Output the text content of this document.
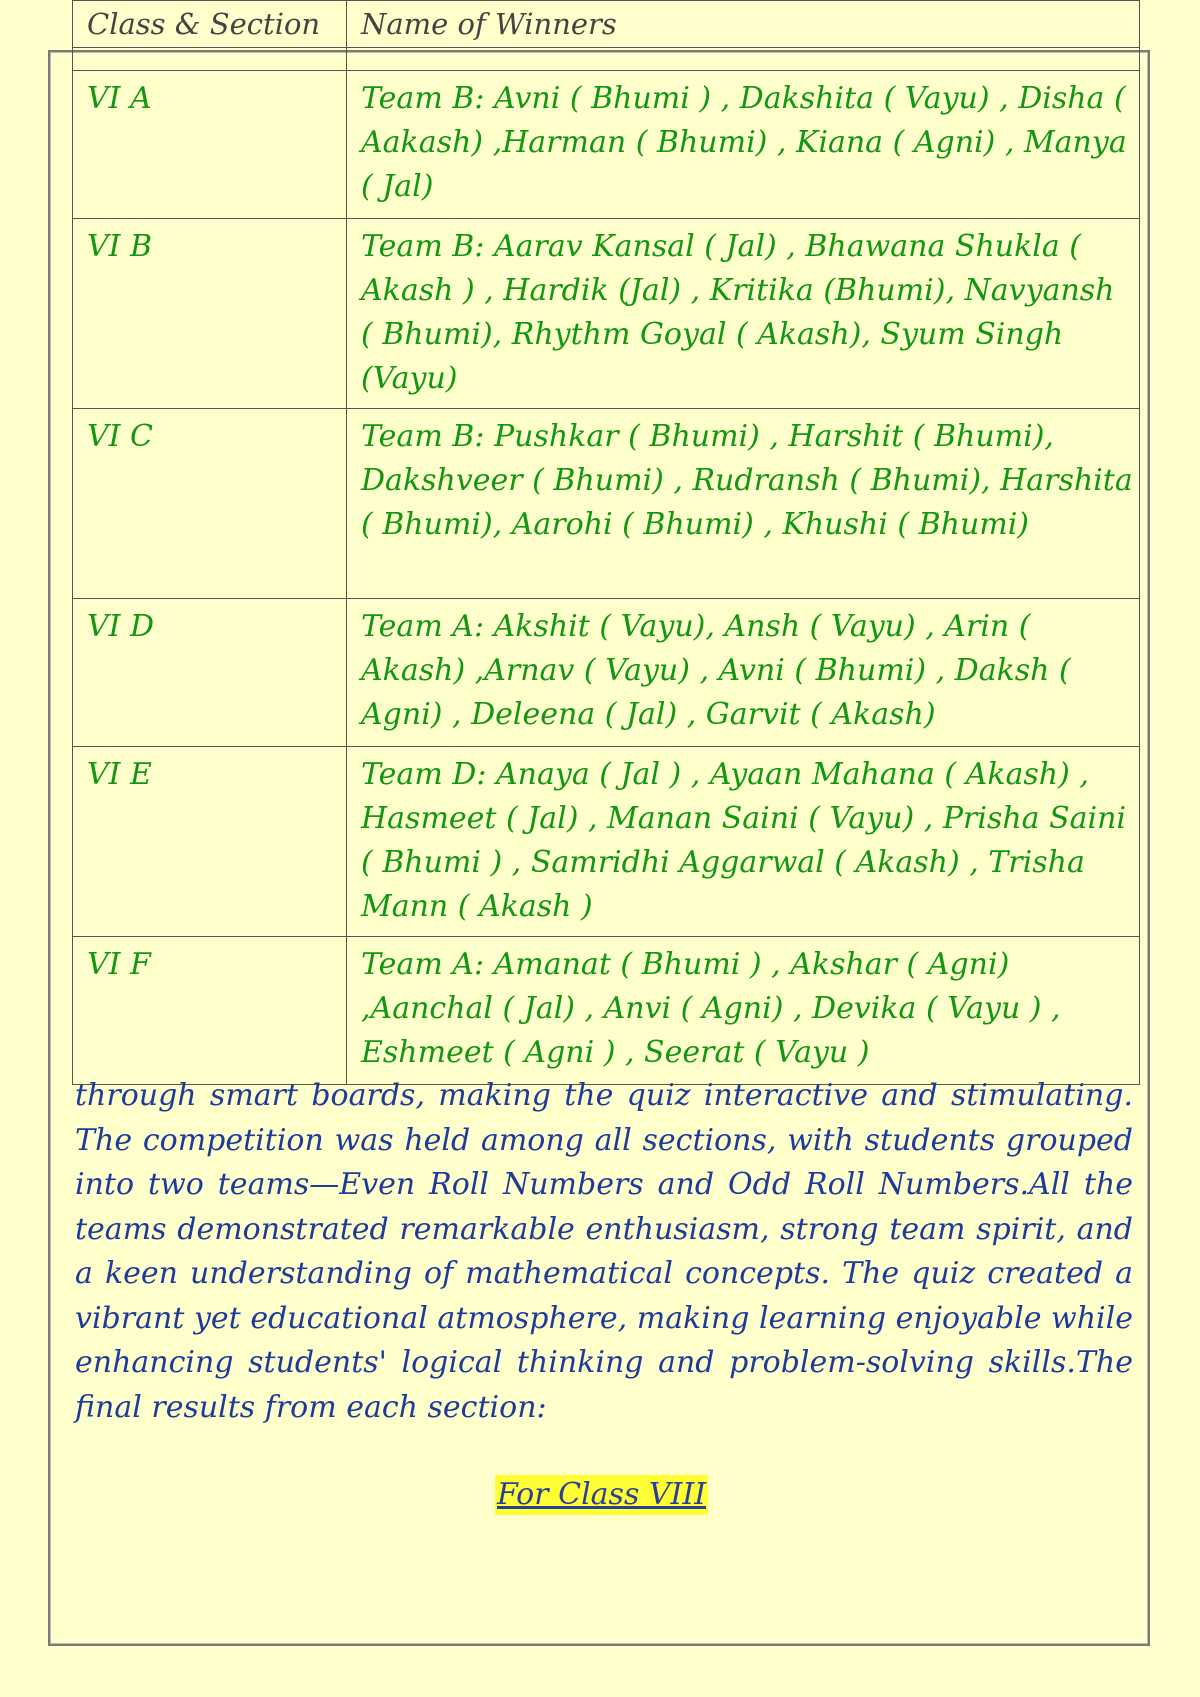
Class & Section	Name of Winners

VI A	Team B: Avni ( Bhumi ) , Dakshita ( Vayu) , Disha ( Aakash) ,Harman ( Bhumi) , Kiana ( Agni) , Manya ( Jal)
VI B	Team B: Aarav Kansal ( Jal) , Bhawana Shukla ( Akash ) , Hardik (Jal) , Kritika (Bhumi), Navyansh ( Bhumi), Rhythm Goyal ( Akash), Syum Singh (Vayu)
VI C	Team B: Pushkar ( Bhumi) , Harshit ( Bhumi), Dakshveer ( Bhumi) , Rudransh ( Bhumi), Harshita ( Bhumi), Aarohi ( Bhumi) , Khushi ( Bhumi)
VI D	Team A: Akshit ( Vayu), Ansh ( Vayu) , Arin ( Akash) ,Arnav ( Vayu) , Avni ( Bhumi) , Daksh ( Agni) , Deleena ( Jal) , Garvit ( Akash)
VI E	Team D: Anaya ( Jal ) , Ayaan Mahana ( Akash) , Hasmeet ( Jal) , Manan Saini ( Vayu) , Prisha Saini ( Bhumi ) , Samridhi Aggarwal ( Akash) , Trisha Mann ( Akash )
VI F	Team A: Amanat ( Bhumi ) , Akshar ( Agni) ,Aanchal ( Jal) , Anvi ( Agni) , Devika ( Vayu ) , Eshmeet ( Agni ) , Seerat ( Vayu )

through smart boards, making the quiz interactive and stimulating. The competition was held among all sections, with students grouped into two teams—Even Roll Numbers and Odd Roll Numbers.All the teams demonstrated remarkable enthusiasm, strong team spirit, and a keen understanding of mathematical concepts. The quiz created a vibrant yet educational atmosphere, making learning enjoyable while enhancing students' logical thinking and problem-solving skills.The final results from each section:

For Class VIII
